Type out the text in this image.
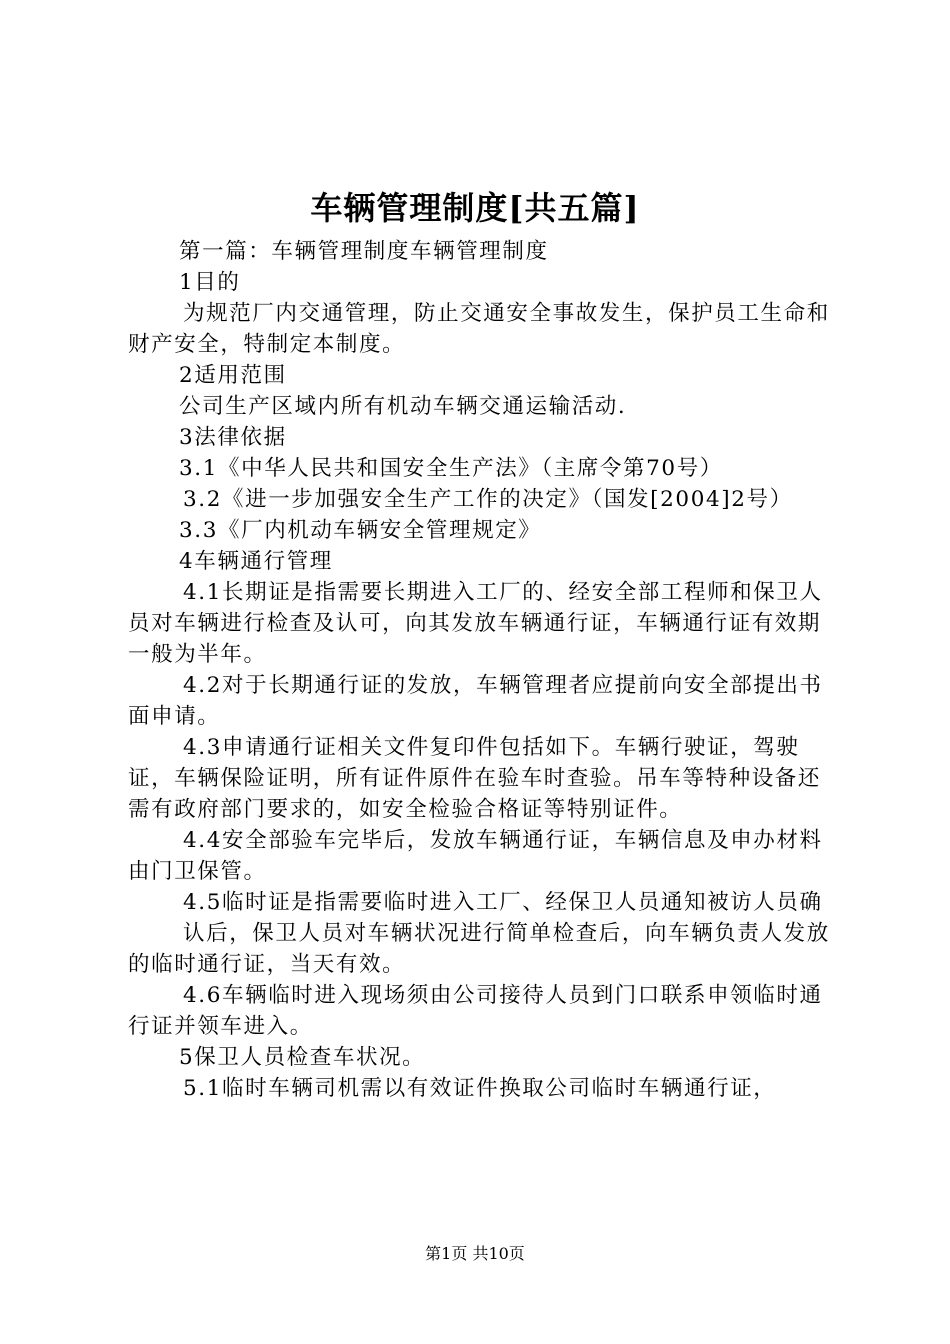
车辆管理制度[共五篇]

第一篇：车辆管理制度车辆管理制度

1目的

为规范厂内交通管理，防止交通安全事故发生，保护员工生命和财产安全，特制定本制度。

2适用范围

公司生产区域内所有机动车辆交通运输活动.

3法律依据

3.1《中华人民共和国安全生产法》（主席令第70号）

3.2《进一步加强安全生产工作的决定》（国发[2004]2号）

3.3《厂内机动车辆安全管理规定》

4车辆通行管理

4.1长期证是指需要长期进入工厂的、经安全部工程师和保卫人员对车辆进行检查及认可，向其发放车辆通行证，车辆通行证有效期一般为半年。

4.2对于长期通行证的发放，车辆管理者应提前向安全部提出书面申请。

4.3申请通行证相关文件复印件包括如下。车辆行驶证，驾驶证，车辆保险证明，所有证件原件在验车时查验。吊车等特种设备还需有政府部门要求的，如安全检验合格证等特别证件。

4.4安全部验车完毕后，发放车辆通行证，车辆信息及申办材料由门卫保管。

4.5临时证是指需要临时进入工厂、经保卫人员通知被访人员确

认后，保卫人员对车辆状况进行简单检查后，向车辆负责人发放的临时通行证，当天有效。

4.6车辆临时进入现场须由公司接待人员到门口联系申领临时通行证并领车进入。

5保卫人员检查车状况。

5.1临时车辆司机需以有效证件换取公司临时车辆通行证，

第1页 共10页
